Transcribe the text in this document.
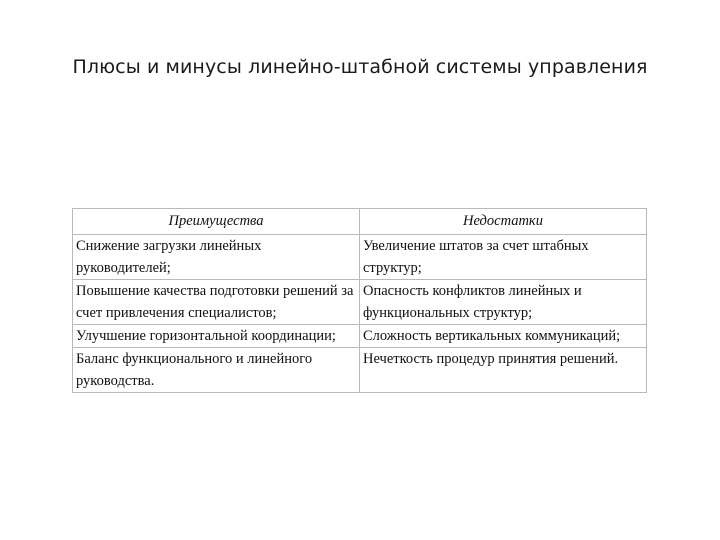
Плюсы и минусы линейно-штабной системы управления
Преимущества	Недостатки

Снижение загрузки линейных руководителей;	Увеличение штатов за счет штабных структур;

Повышение качества подготовки решений за счет привлечения специалистов;	Опасность конфликтов линейных и функциональных структур;

Улучшение горизонтальной координации;	Сложность вертикальных коммуникаций;

Баланс функционального и линейного руководства.	Нечеткость процедур принятия решений.
